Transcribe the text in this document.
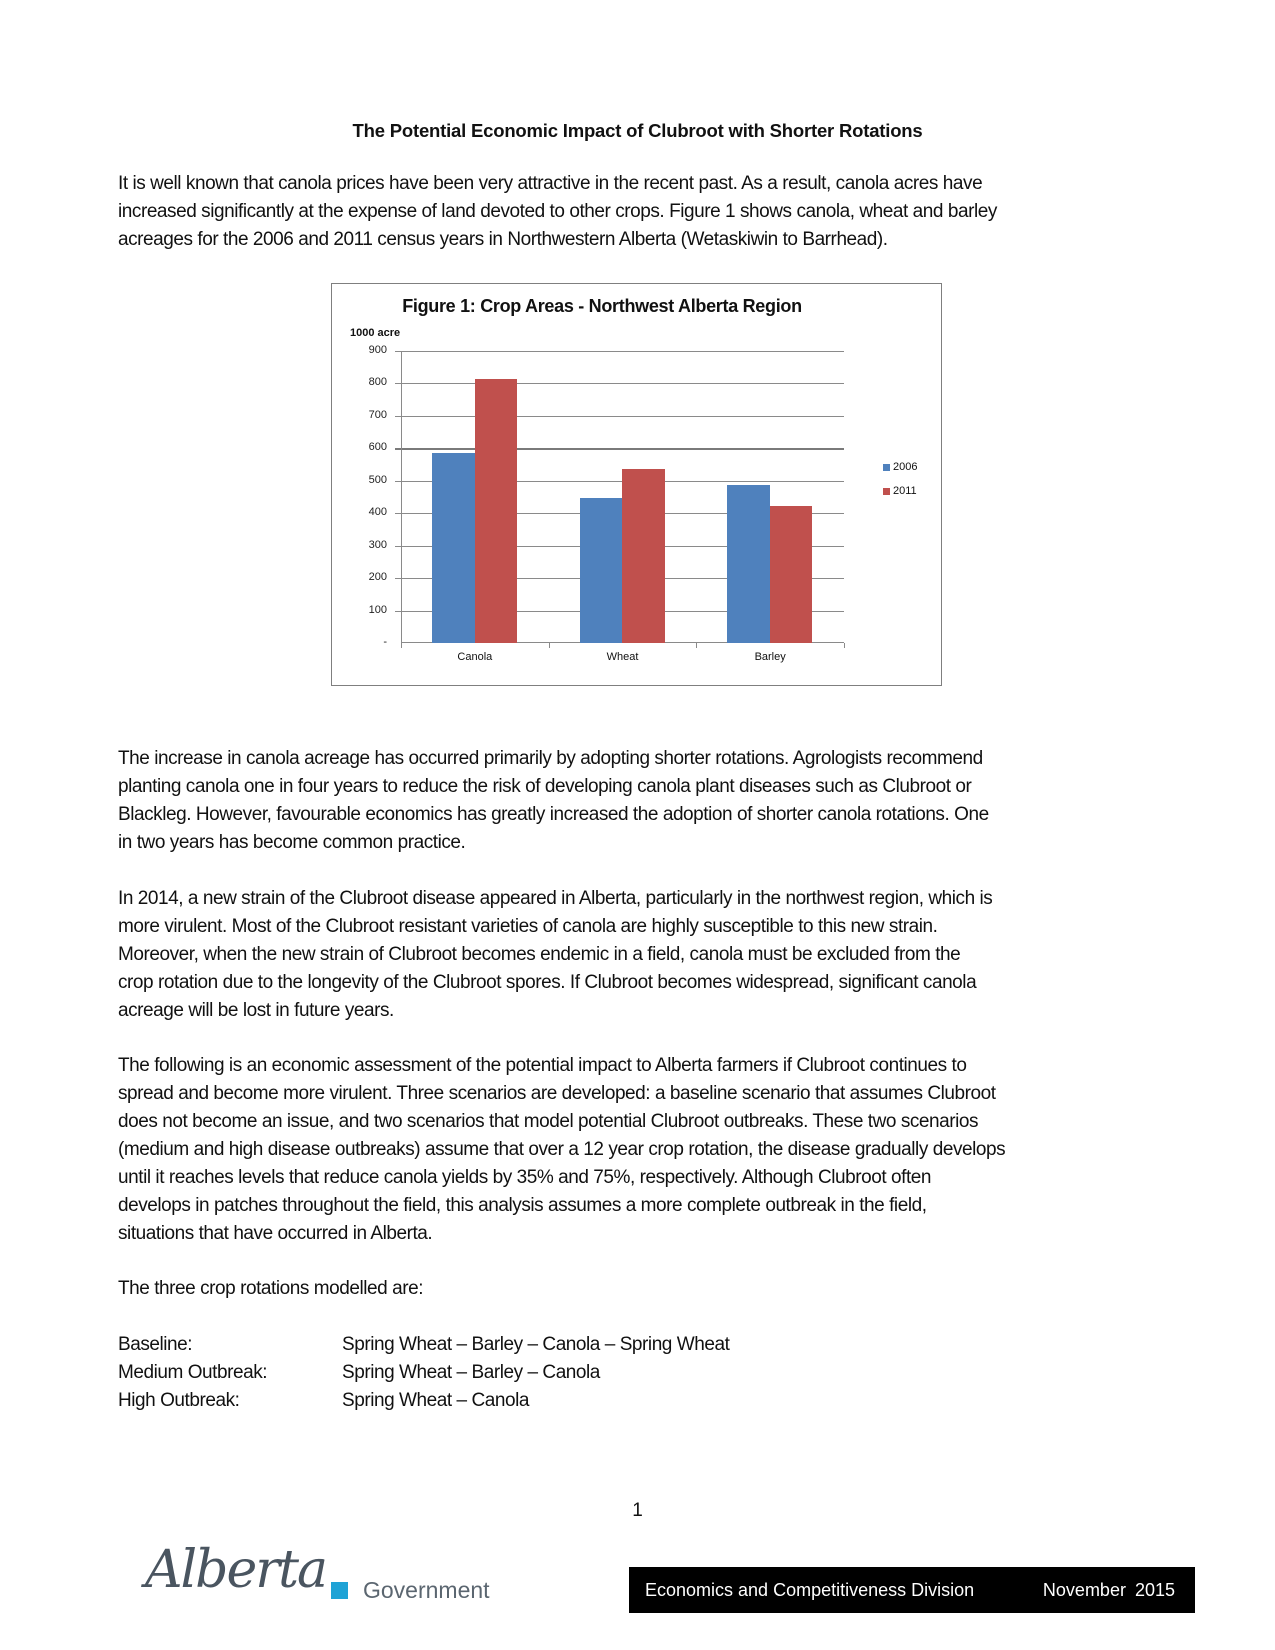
The Potential Economic Impact of Clubroot with Shorter Rotations
It is well known that canola prices have been very attractive in the recent past. As a result, canola acres have
increased significantly at the expense of land devoted to other crops. Figure 1 shows canola, wheat and barley
acreages for the 2006 and 2011 census years in Northwestern Alberta (Wetaskiwin to Barrhead).
Figure 1: Crop Areas - Northwest Alberta Region
1000 acre
-
100
200
300
400
500
600
700
800
900
Canola	Wheat	Barley
2006
2011
The increase in canola acreage has occurred primarily by adopting shorter rotations. Agrologists recommend
planting canola one in four years to reduce the risk of developing canola plant diseases such as Clubroot or
Blackleg. However, favourable economics has greatly increased the adoption of shorter canola rotations. One
in two years has become common practice.
In 2014, a new strain of the Clubroot disease appeared in Alberta, particularly in the northwest region, which is
more virulent. Most of the Clubroot resistant varieties of canola are highly susceptible to this new strain.
Moreover, when the new strain of Clubroot becomes endemic in a field, canola must be excluded from the
crop rotation due to the longevity of the Clubroot spores. If Clubroot becomes widespread, significant canola
acreage will be lost in future years.
The following is an economic assessment of the potential impact to Alberta farmers if Clubroot continues to
spread and become more virulent. Three scenarios are developed: a baseline scenario that assumes Clubroot
does not become an issue, and two scenarios that model potential Clubroot outbreaks. These two scenarios
(medium and high disease outbreaks) assume that over a 12 year crop rotation, the disease gradually develops
until it reaches levels that reduce canola yields by 35% and 75%, respectively. Although Clubroot often
develops in patches throughout the field, this analysis assumes a more complete outbreak in the field,
situations that have occurred in Alberta.
The three crop rotations modelled are:
Baseline:	Spring Wheat – Barley – Canola – Spring Wheat
Medium Outbreak:	Spring Wheat – Barley – Canola
High Outbreak:	Spring Wheat – Canola
1
Alberta Government	Economics and Competitiveness Division	November 2015
